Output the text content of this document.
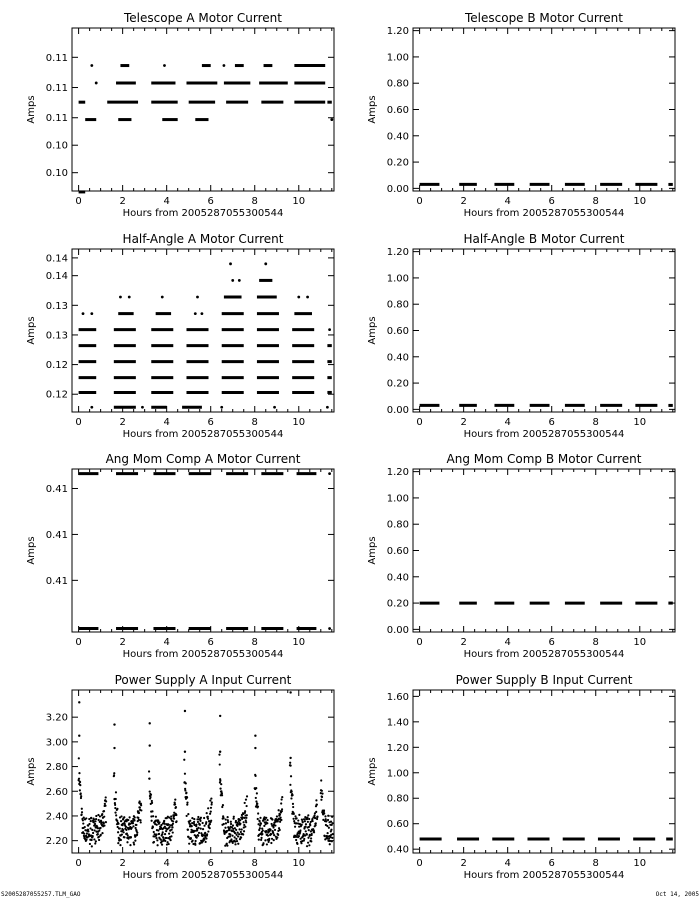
Telescope A Motor Current
Hours from 2005287055300544
Amps
0	2	4	6	8	10
0.10
0.10
0.11
0.11
0.11
Telescope B Motor Current
Hours from 2005287055300544
Amps
0	2	4	6	8	10
0.00
0.20
0.40
0.60
0.80
1.00
1.20
Half-Angle A Motor Current
Hours from 2005287055300544
Amps
0	2	4	6	8	10
0.12
0.12
0.13
0.13
0.14
0.14
Half-Angle B Motor Current
Hours from 2005287055300544
Amps
0	2	4	6	8	10
0.00
0.20
0.40
0.60
0.80
1.00
1.20
Ang Mom Comp A Motor Current
Hours from 2005287055300544
Amps
0	2	4	6	8	10
0.41
0.41
0.41
Ang Mom Comp B Motor Current
Hours from 2005287055300544
Amps
0	2	4	6	8	10
0.00
0.20
0.40
0.60
0.80
1.00
1.20
Power Supply A Input Current
Hours from 2005287055300544
Amps
0	2	4	6	8	10
2.20
2.40
2.60
2.80
3.00
3.20
Power Supply B Input Current
Hours from 2005287055300544
Amps
0	2	4	6	8	10
0.40
0.60
0.80
1.00
1.20
1.40
1.60
S2005287055257.TLM_GAO	Oct 14, 2005
